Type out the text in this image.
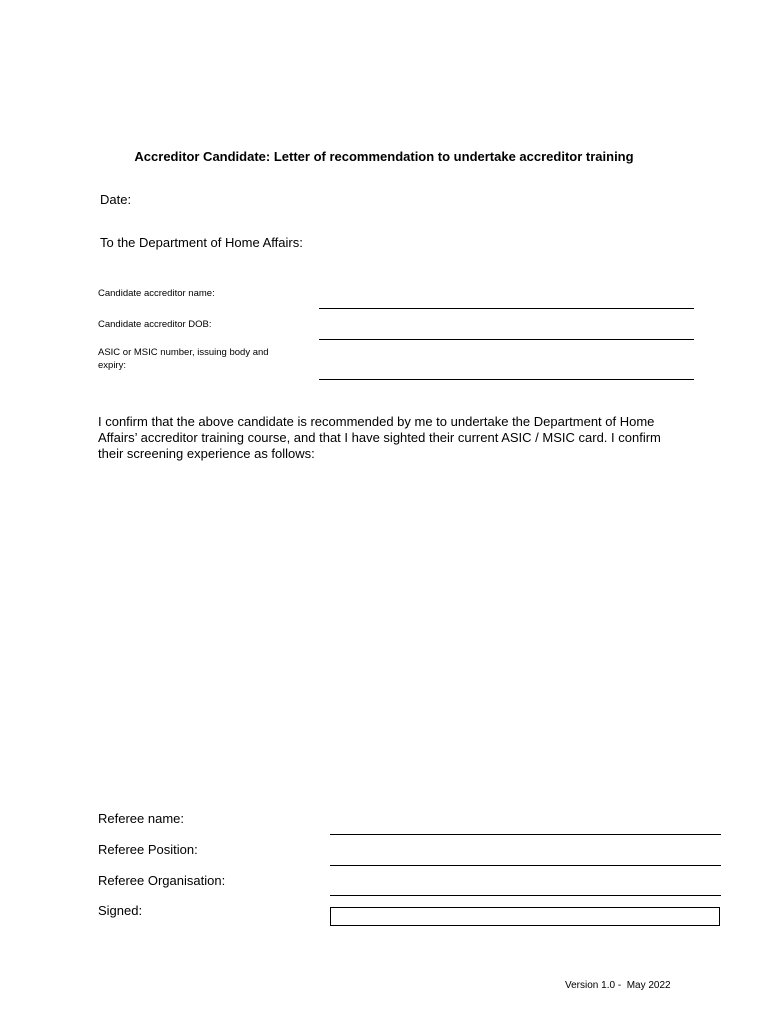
Accreditor Candidate: Letter of recommendation to undertake accreditor training
Date:
To the Department of Home Affairs:
Candidate accreditor name:
Candidate accreditor DOB:
ASIC or MSIC number, issuing body and expiry:
I confirm that the above candidate is recommended by me to undertake the Department of Home Affairs’ accreditor training course, and that I have sighted their current ASIC / MSIC card. I confirm their screening experience as follows:
Referee name:
Referee Position:
Referee Organisation:
Signed:
Version 1.0 -  May 2022
